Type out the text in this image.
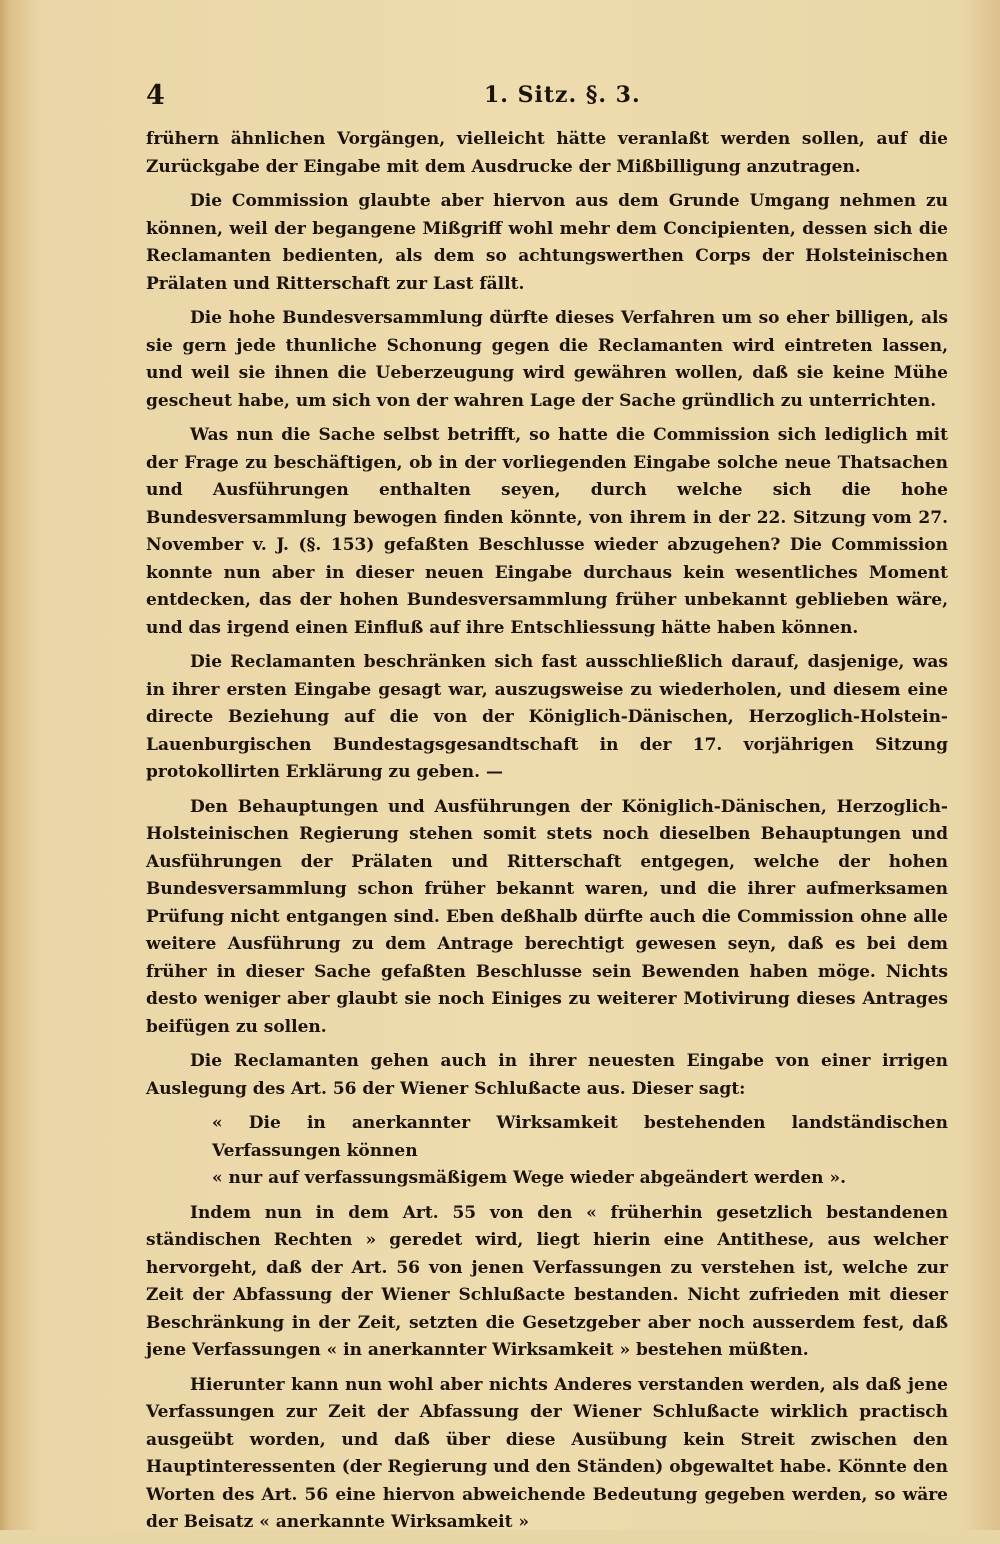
4	1. Sitz. §. 3.

frühern ähnlichen Vorgängen, vielleicht hätte veranlaßt werden sollen, auf die Zurückgabe der Eingabe mit dem Ausdrucke der Mißbilligung anzutragen.

Die Commission glaubte aber hiervon aus dem Grunde Umgang nehmen zu können, weil der begangene Mißgriff wohl mehr dem Concipienten, dessen sich die Reclamanten bedienten, als dem so achtungswerthen Corps der Holsteinischen Prälaten und Ritterschaft zur Last fällt.

Die hohe Bundesversammlung dürfte dieses Verfahren um so eher billigen, als sie gern jede thunliche Schonung gegen die Reclamanten wird eintreten lassen, und weil sie ihnen die Ueberzeugung wird gewähren wollen, daß sie keine Mühe gescheut habe, um sich von der wahren Lage der Sache gründlich zu unterrichten.

Was nun die Sache selbst betrifft, so hatte die Commission sich lediglich mit der Frage zu beschäftigen, ob in der vorliegenden Eingabe solche neue Thatsachen und Ausführungen enthalten seyen, durch welche sich die hohe Bundesversammlung bewogen finden könnte, von ihrem in der 22. Sitzung vom 27. November v. J. (§. 153) gefaßten Beschlusse wieder abzugehen? Die Commission konnte nun aber in dieser neuen Eingabe durchaus kein wesentliches Moment entdecken, das der hohen Bundesversammlung früher unbekannt geblieben wäre, und das irgend einen Einfluß auf ihre Entschliessung hätte haben können.

Die Reclamanten beschränken sich fast ausschließlich darauf, dasjenige, was in ihrer ersten Eingabe gesagt war, auszugsweise zu wiederholen, und diesem eine directe Beziehung auf die von der Königlich-Dänischen, Herzoglich-Holstein-Lauenburgischen Bundestagsgesandtschaft in der 17. vorjährigen Sitzung protokollirten Erklärung zu geben. —

Den Behauptungen und Ausführungen der Königlich-Dänischen, Herzoglich-Holsteinischen Regierung stehen somit stets noch dieselben Behauptungen und Ausführungen der Prälaten und Ritterschaft entgegen, welche der hohen Bundesversammlung schon früher bekannt waren, und die ihrer aufmerksamen Prüfung nicht entgangen sind. Eben deßhalb dürfte auch die Commission ohne alle weitere Ausführung zu dem Antrage berechtigt gewesen seyn, daß es bei dem früher in dieser Sache gefaßten Beschlusse sein Bewenden haben möge. Nichts desto weniger aber glaubt sie noch Einiges zu weiterer Motivirung dieses Antrages beifügen zu sollen.

Die Reclamanten gehen auch in ihrer neuesten Eingabe von einer irrigen Auslegung des Art. 56 der Wiener Schlußacte aus. Dieser sagt:

« Die in anerkannter Wirksamkeit bestehenden landständischen Verfassungen können

« nur auf verfassungsmäßigem Wege wieder abgeändert werden ».

Indem nun in dem Art. 55 von den « früherhin gesetzlich bestandenen ständischen Rechten » geredet wird, liegt hierin eine Antithese, aus welcher hervorgeht, daß der Art. 56 von jenen Verfassungen zu verstehen ist, welche zur Zeit der Abfassung der Wiener Schlußacte bestanden. Nicht zufrieden mit dieser Beschränkung in der Zeit, setzten die Gesetzgeber aber noch ausserdem fest, daß jene Verfassungen « in anerkannter Wirksamkeit » bestehen müßten.

Hierunter kann nun wohl aber nichts Anderes verstanden werden, als daß jene Verfassungen zur Zeit der Abfassung der Wiener Schlußacte wirklich practisch ausgeübt worden, und daß über diese Ausübung kein Streit zwischen den Hauptinteressenten (der Regierung und den Ständen) obgewaltet habe. Könnte den Worten des Art. 56 eine hiervon abweichende Bedeutung gegeben werden, so wäre der Beisatz « anerkannte Wirksamkeit »
